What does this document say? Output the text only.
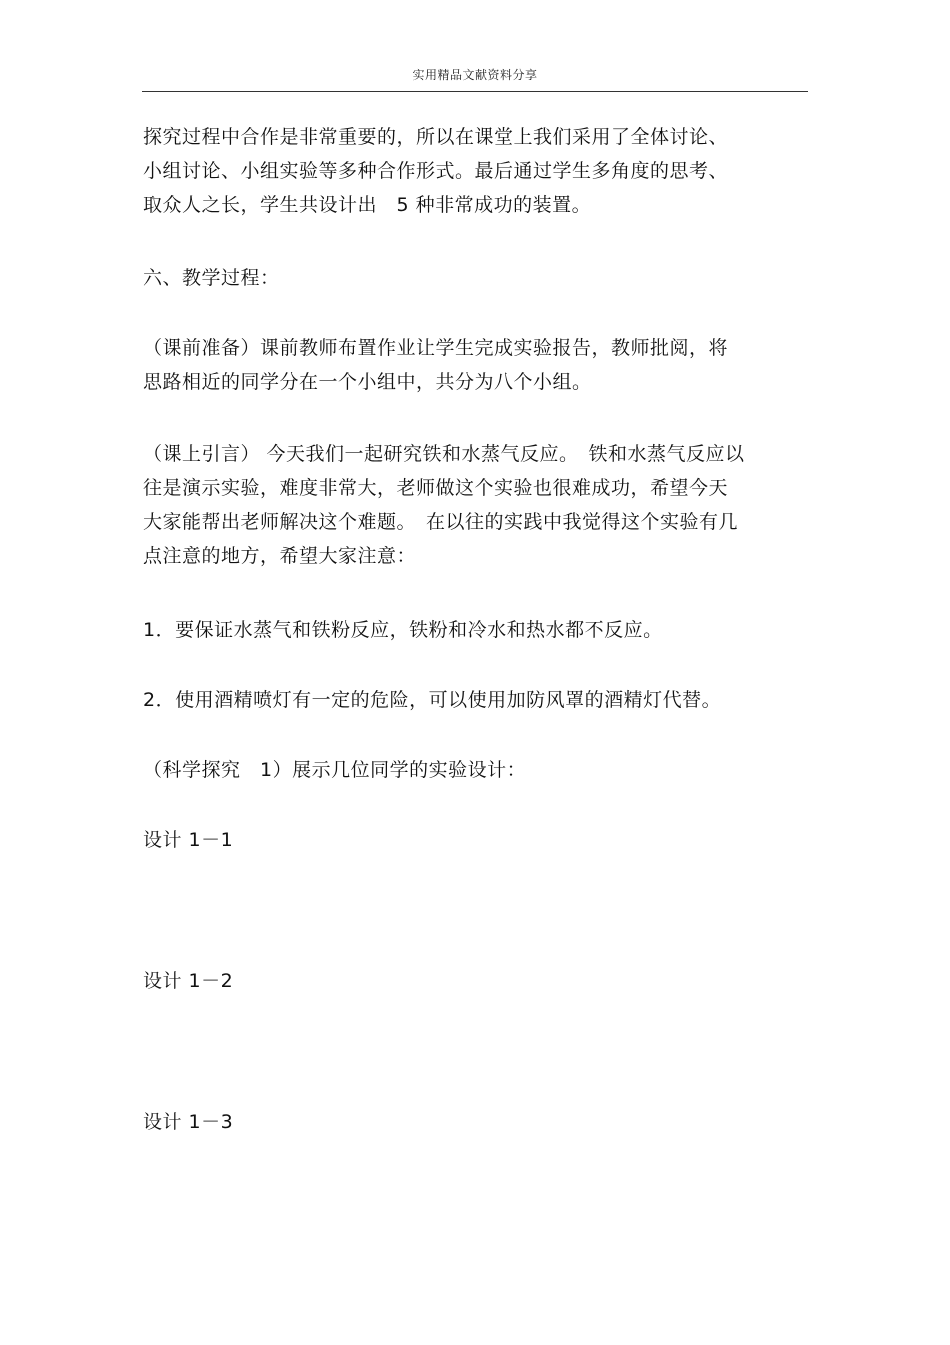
实用精品文献资料分享
探究过程中合作是非常重要的，所以在课堂上我们采用了全体讨论、
小组讨论、小组实验等多种合作形式。最后通过学生多角度的思考、
取众人之长，学生共设计出　5 种非常成功的装置。
六、教学过程：
（课前准备）课前教师布置作业让学生完成实验报告，教师批阅，将
思路相近的同学分在一个小组中，共分为八个小组。
（课上引言） 今天我们一起研究铁和水蒸气反应。　铁和水蒸气反应以
往是演示实验，难度非常大，老师做这个实验也很难成功，希望今天
大家能帮出老师解决这个难题。　在以往的实践中我觉得这个实验有几
点注意的地方，希望大家注意：
1．要保证水蒸气和铁粉反应，铁粉和冷水和热水都不反应。
2．使用酒精喷灯有一定的危险，可以使用加防风罩的酒精灯代替。
（科学探究　1）展示几位同学的实验设计：
设计 1－1
设计 1－2
设计 1－3
